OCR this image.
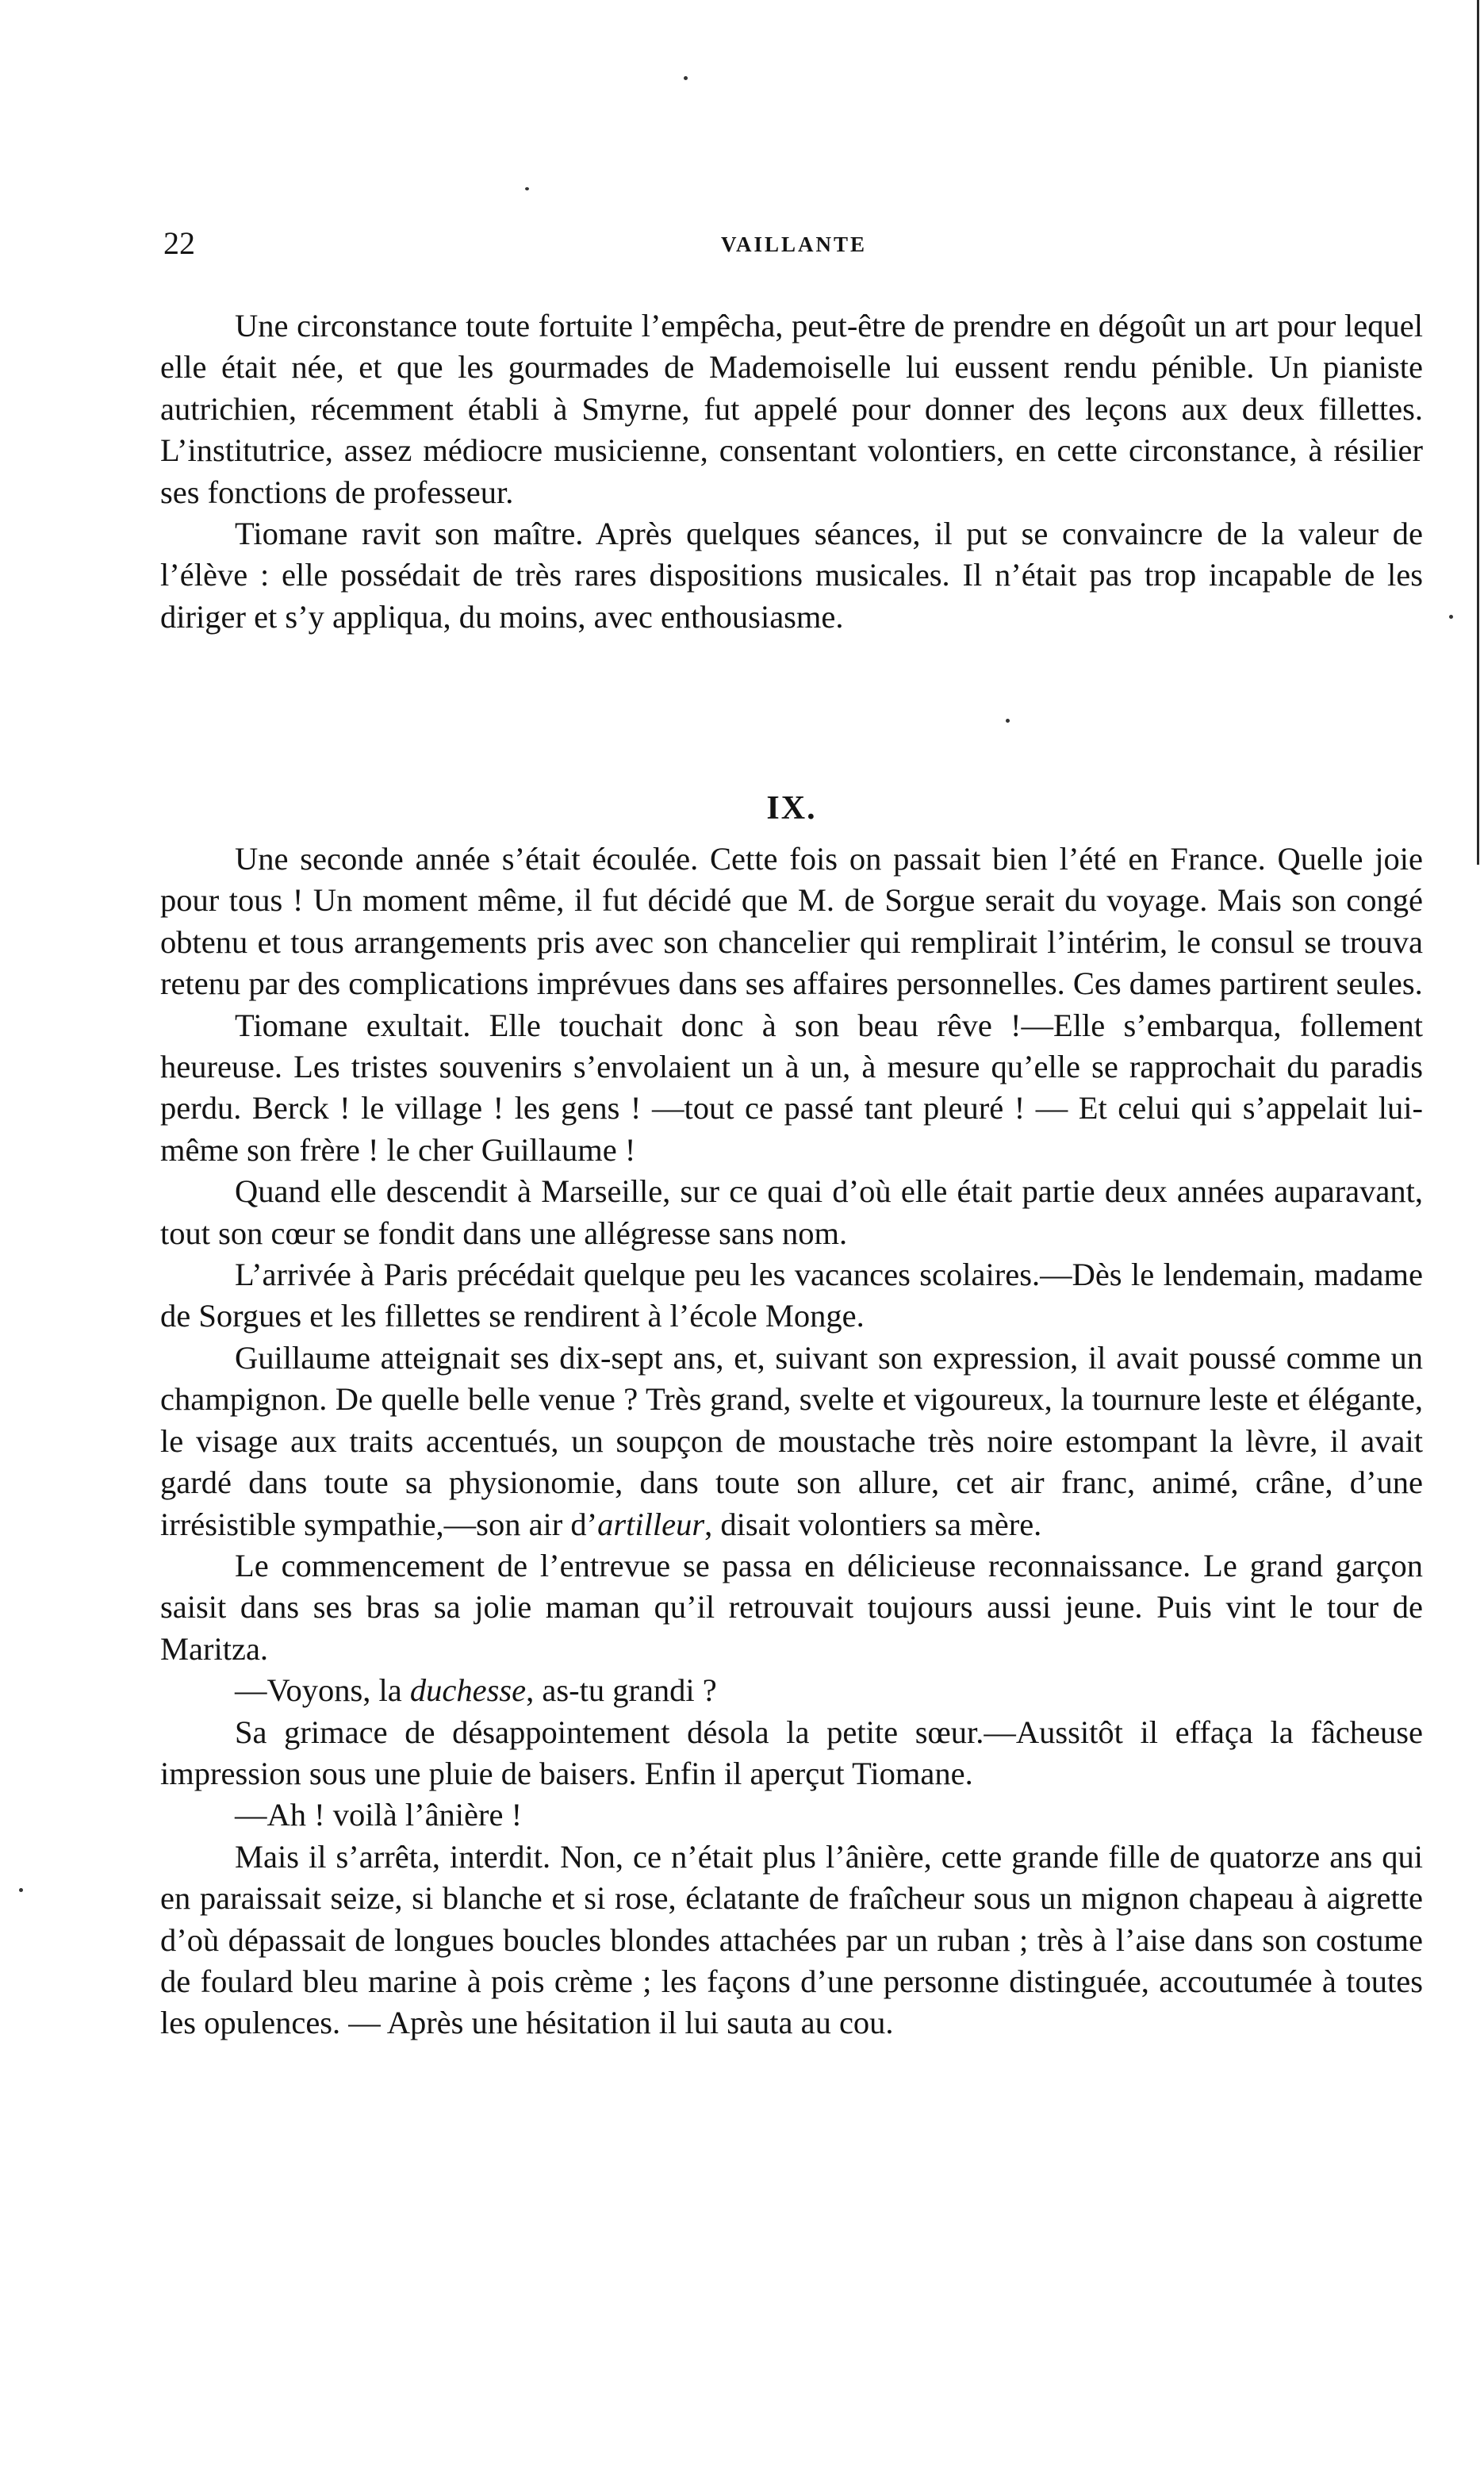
22	VAILLANTE

Une circonstance toute fortuite l’empêcha, peut-être de prendre en dégoût un art pour lequel elle était née, et que les gourmades de Mademoiselle lui eussent rendu pénible. Un pianiste autrichien, récemment établi à Smyrne, fut appelé pour donner des leçons aux deux fillettes. L’institutrice, assez médiocre musicienne, consentant volontiers, en cette circonstance, à résilier ses fonctions de professeur.

Tiomane ravit son maître. Après quelques séances, il put se convaincre de la valeur de l’élève : elle possédait de très rares dispositions musicales. Il n’était pas trop incapable de les diriger et s’y appliqua, du moins, avec enthousiasme.

IX.

Une seconde année s’était écoulée. Cette fois on passait bien l’été en France. Quelle joie pour tous ! Un moment même, il fut décidé que M. de Sorgue serait du voyage. Mais son congé obtenu et tous arrangements pris avec son chancelier qui remplirait l’intérim, le consul se trouva retenu par des complications imprévues dans ses affaires personnelles. Ces dames partirent seules.

Tiomane exultait. Elle touchait donc à son beau rêve !—Elle s’embarqua, follement heureuse. Les tristes souvenirs s’envolaient un à un, à mesure qu’elle se rapprochait du paradis perdu. Berck ! le village ! les gens ! —tout ce passé tant pleuré ! — Et celui qui s’appelait lui-même son frère ! le cher Guillaume !

Quand elle descendit à Marseille, sur ce quai d’où elle était partie deux années auparavant, tout son cœur se fondit dans une allégresse sans nom.

L’arrivée à Paris précédait quelque peu les vacances scolaires.—Dès le lendemain, madame de Sorgues et les fillettes se rendirent à l’école Monge.

Guillaume atteignait ses dix-sept ans, et, suivant son expression, il avait poussé comme un champignon. De quelle belle venue ? Très grand, svelte et vigoureux, la tournure leste et élégante, le visage aux traits accentués, un soupçon de moustache très noire estompant la lèvre, il avait gardé dans toute sa physionomie, dans toute son allure, cet air franc, animé, crâne, d’une irrésistible sympathie,—son air d’artilleur, disait volontiers sa mère.

Le commencement de l’entrevue se passa en délicieuse reconnaissance. Le grand garçon saisit dans ses bras sa jolie maman qu’il retrouvait toujours aussi jeune. Puis vint le tour de Maritza.

—Voyons, la duchesse, as-tu grandi ?

Sa grimace de désappointement désola la petite sœur.—Aussitôt il effaça la fâcheuse impression sous une pluie de baisers. Enfin il aperçut Tiomane.

—Ah ! voilà l’ânière !

Mais il s’arrêta, interdit. Non, ce n’était plus l’ânière, cette grande fille de quatorze ans qui en paraissait seize, si blanche et si rose, éclatante de fraîcheur sous un mignon chapeau à aigrette d’où dépassait de longues boucles blondes attachées par un ruban ; très à l’aise dans son costume de foulard bleu marine à pois crème ; les façons d’une personne distinguée, accoutumée à toutes les opulences. — Après une hésitation il lui sauta au cou.
